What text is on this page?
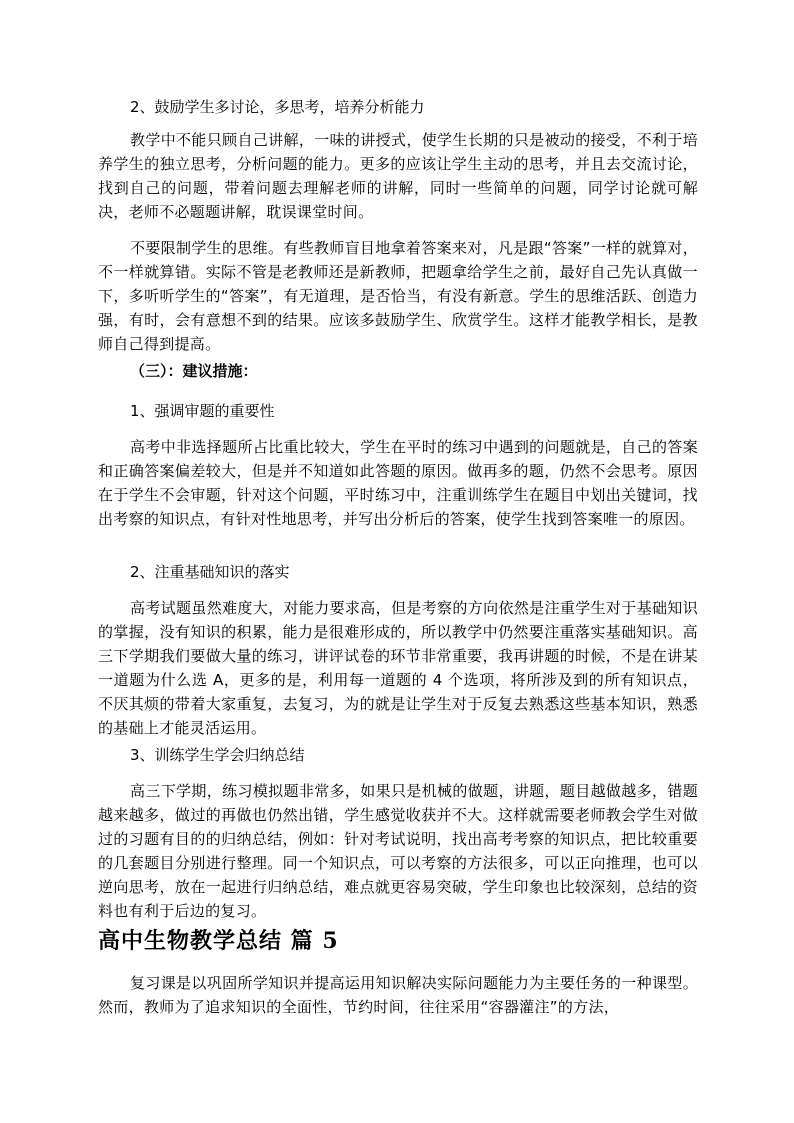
2、鼓励学生多讨论，多思考，培养分析能力
教学中不能只顾自己讲解，一味的讲授式，使学生长期的只是被动的接受，不利于培养学生的独立思考，分析问题的能力。更多的应该让学生主动的思考，并且去交流讨论，找到自己的问题，带着问题去理解老师的讲解，同时一些简单的问题，同学讨论就可解决，老师不必题题讲解，耽误课堂时间。
不要限制学生的思维。有些教师盲目地拿着答案来对，凡是跟“答案”一样的就算对，不一样就算错。实际不管是老教师还是新教师，把题拿给学生之前，最好自己先认真做一下，多听听学生的“答案”，有无道理，是否恰当，有没有新意。学生的思维活跃、创造力强，有时，会有意想不到的结果。应该多鼓励学生、欣赏学生。这样才能教学相长，是教师自己得到提高。
（三）：建议措施：
1、强调审题的重要性
高考中非选择题所占比重比较大，学生在平时的练习中遇到的问题就是，自己的答案和正确答案偏差较大，但是并不知道如此答题的原因。做再多的题，仍然不会思考。原因在于学生不会审题，针对这个问题，平时练习中，注重训练学生在题目中划出关键词，找出考察的知识点，有针对性地思考，并写出分析后的答案，使学生找到答案唯一的原因。
2、注重基础知识的落实
高考试题虽然难度大，对能力要求高，但是考察的方向依然是注重学生对于基础知识的掌握，没有知识的积累，能力是很难形成的，所以教学中仍然要注重落实基础知识。高三下学期我们要做大量的练习，讲评试卷的环节非常重要，我再讲题的时候，不是在讲某一道题为什么选 A，更多的是，利用每一道题的 4 个选项，将所涉及到的所有知识点，不厌其烦的带着大家重复，去复习，为的就是让学生对于反复去熟悉这些基本知识，熟悉的基础上才能灵活运用。
3、训练学生学会归纳总结
高三下学期，练习模拟题非常多，如果只是机械的做题，讲题，题目越做越多，错题越来越多，做过的再做也仍然出错，学生感觉收获并不大。这样就需要老师教会学生对做过的习题有目的的归纳总结，例如：针对考试说明，找出高考考察的知识点，把比较重要的几套题目分别进行整理。同一个知识点，可以考察的方法很多，可以正向推理，也可以逆向思考，放在一起进行归纳总结，难点就更容易突破，学生印象也比较深刻，总结的资料也有利于后边的复习。
高中生物教学总结 篇 5
复习课是以巩固所学知识并提高运用知识解决实际问题能力为主要任务的一种课型。然而，教师为了追求知识的全面性，节约时间，往往采用“容器灌注”的方法，
